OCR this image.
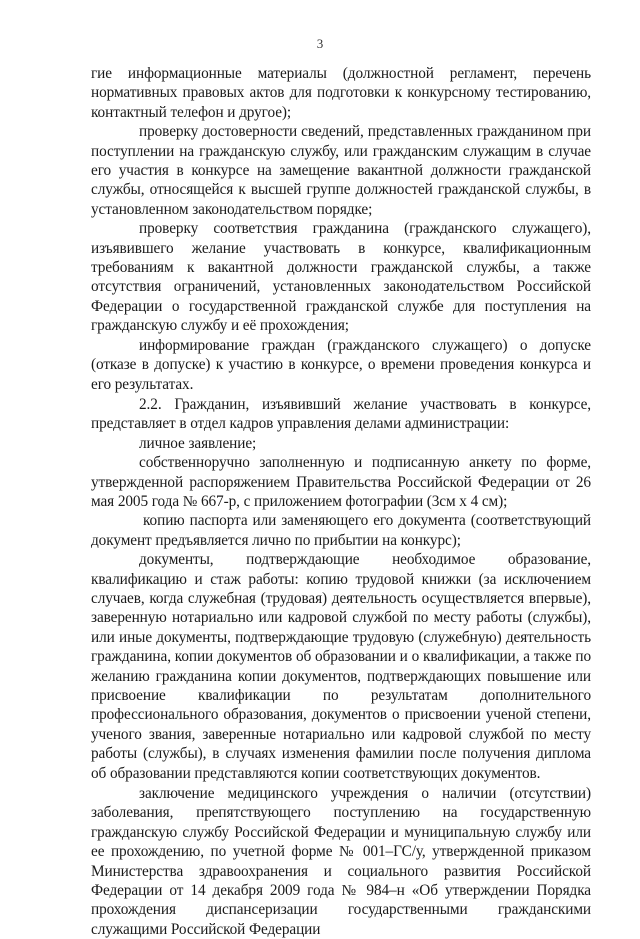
3

гие информационные материалы (должностной регламент, перечень нормативных правовых актов для подготовки к конкурсному тестированию, контактный телефон и другое);

проверку достоверности сведений, представленных гражданином при поступлении на гражданскую службу, или гражданским служащим в случае его участия в конкурсе на замещение вакантной должности гражданской службы, относящейся к высшей группе должностей гражданской службы, в установленном законодательством порядке;

проверку соответствия гражданина (гражданского служащего), изъявившего желание участвовать в конкурсе, квалификационным требованиям к вакантной должности гражданской службы, а также отсутствия ограничений, установленных законодательством Российской Федерации о государственной гражданской службе для поступления на гражданскую службу и её прохождения;

информирование граждан (гражданского служащего) о допуске (отказе в допуске) к участию в конкурсе, о времени проведения конкурса и его результатах.

2.2. Гражданин, изъявивший желание участвовать в конкурсе, представляет в отдел кадров управления делами администрации:

личное заявление;

собственноручно заполненную и подписанную анкету по форме, утвержденной распоряжением Правительства Российской Федерации от 26 мая 2005 года № 667-р, с приложением фотографии (3см х 4 см);

копию паспорта или заменяющего его документа (соответствующий документ предъявляется лично по прибытии на конкурс);

документы, подтверждающие необходимое образование, квалификацию и стаж работы: копию трудовой книжки (за исключением случаев, когда служебная (трудовая) деятельность осуществляется впервые), заверенную нотариально или кадровой службой по месту работы (службы), или иные документы, подтверждающие трудовую (служебную) деятельность гражданина, копии документов об образовании и о квалификации, а также по желанию гражданина копии документов, подтверждающих повышение или присвоение квалификации по результатам дополнительного профессионального образования, документов о присвоении ученой степени, ученого звания, заверенные нотариально или кадровой службой по месту работы (службы), в случаях изменения фамилии после получения диплома об образовании представляются копии соответствующих документов.

заключение медицинского учреждения о наличии (отсутствии) заболевания, препятствующего поступлению на государственную гражданскую службу Российской Федерации и муниципальную службу или ее прохождению, по учетной форме № 001–ГС/у, утвержденной приказом Министерства здравоохранения и социального развития Российской Федерации от 14 декабря 2009 года № 984–н «Об утверждении Порядка прохождения диспансеризации государственными гражданскими служащими Российской Федерации
